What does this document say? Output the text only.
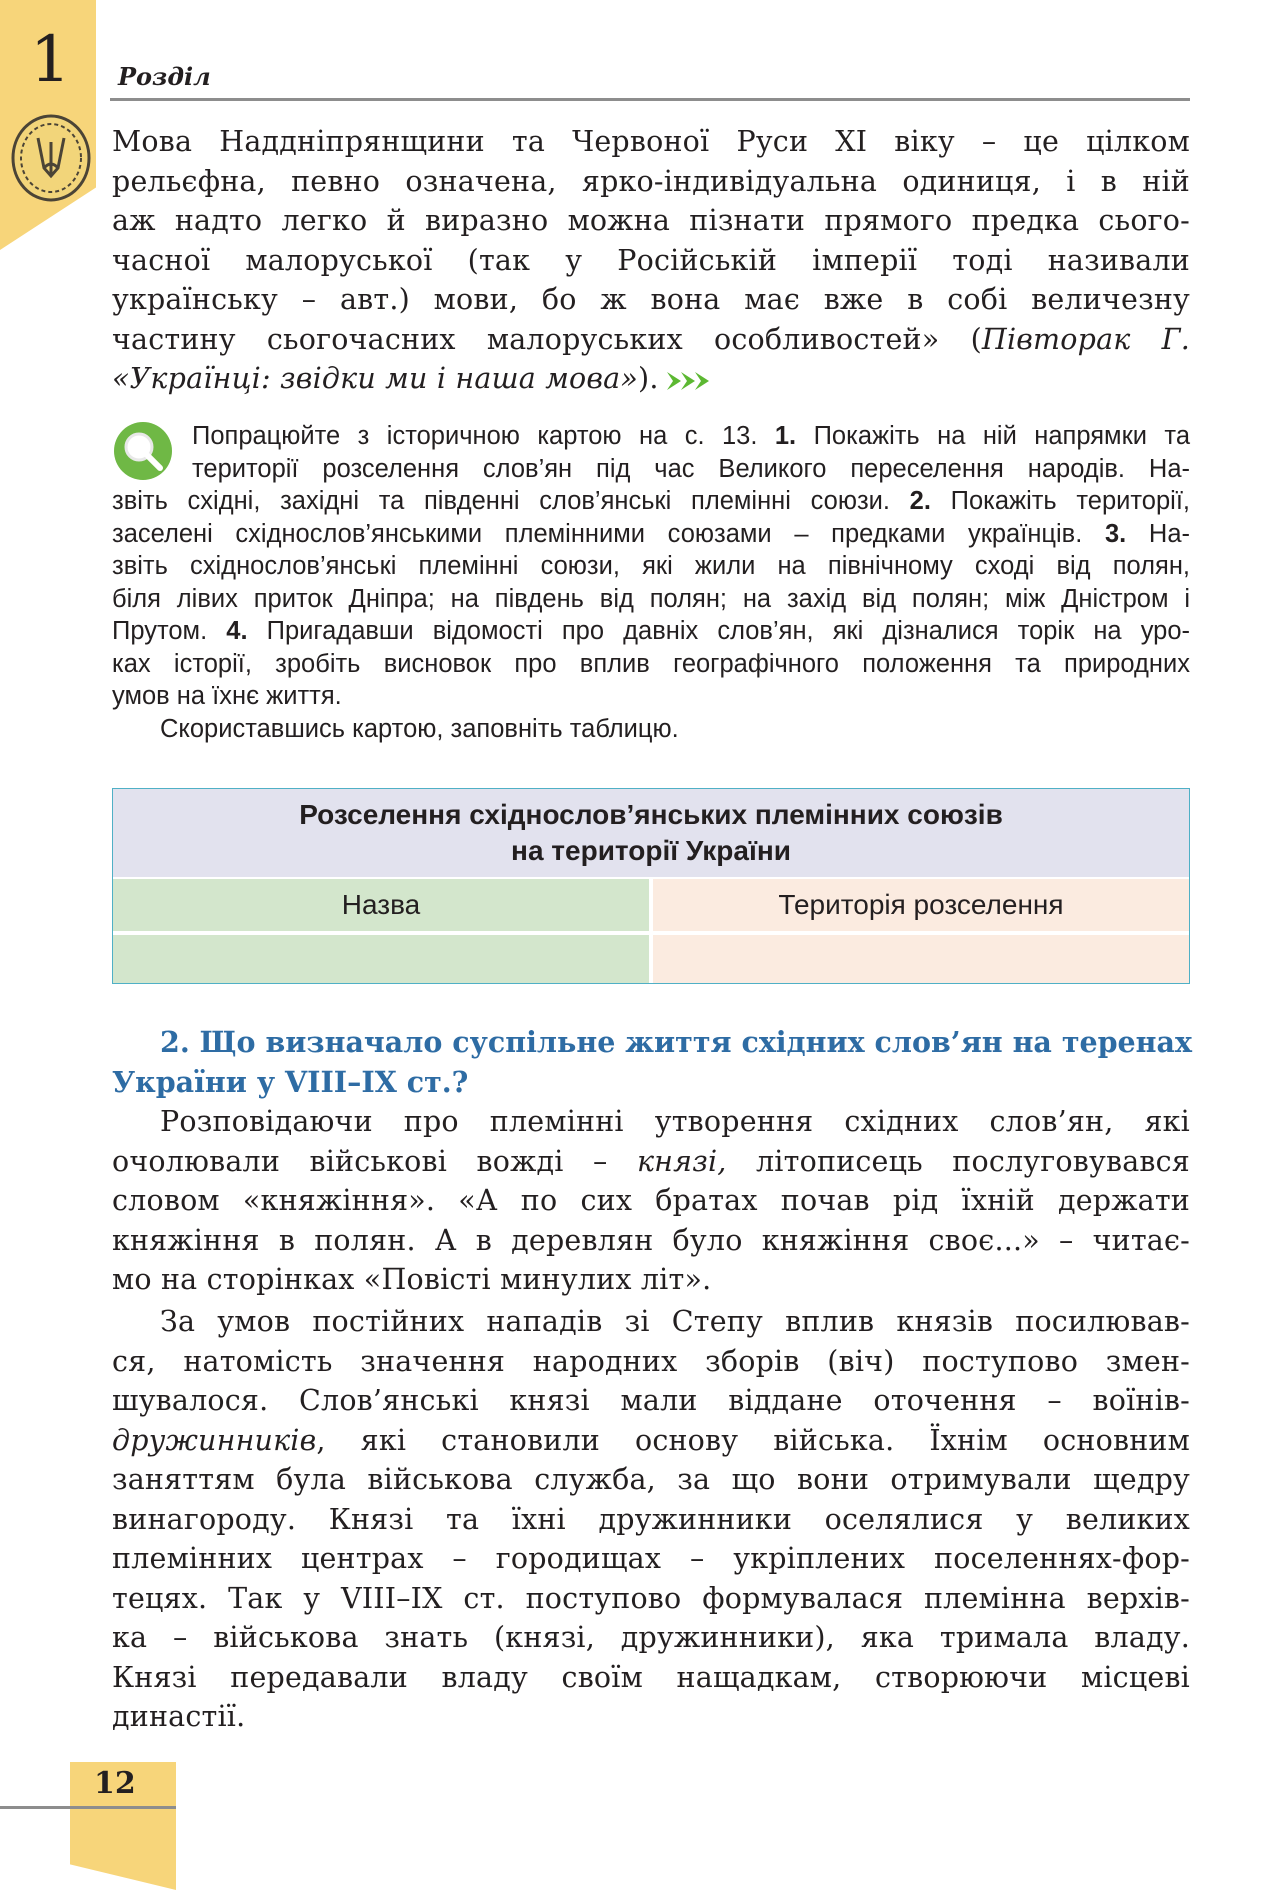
1 Розділ
Мова Наддніпрянщини та Червоної Руси XI віку – це цілком
рельєфна, певно означена, ярко-індивідуальна одиниця, і в ній
аж надто легко й виразно можна пізнати прямого предка сього-
часної малоруської (так у Російській імперії тоді називали
українську – авт.) мови, бо ж вона має вже в собі величезну
частину сьогочасних малоруських особливостей» (Півторак Г.
«Українці: звідки ми і наша мова»).
Попрацюйте з історичною картою на с. 13. 1. Покажіть на ній напрямки та
території розселення слов’ян під час Великого переселення народів. На-
звіть східні, західні та південні слов’янські племінні союзи. 2. Покажіть території,
заселені східнослов’янськими племінними союзами – предками українців. 3. На-
звіть східнослов’янські племінні союзи, які жили на північному сході від полян,
біля лівих приток Дніпра; на південь від полян; на захід від полян; між Дністром і
Прутом. 4. Пригадавши відомості про давніх слов’ян, які дізналися торік на уро-
ках історії, зробіть висновок про вплив географічного положення та природних
умов на їхнє життя.
Скориставшись картою, заповніть таблицю.
Розселення східнослов’янських племінних союзів
на території України
Назва	Територія розселення
2. Що визначало суспільне життя східних слов’ян на теренах
України у VIII–IX ст.?
Розповідаючи про племінні утворення східних слов’ян, які
очолювали військові вожді – князі, літописець послуговувався
словом «княжіння». «А по сих братах почав рід їхній держати
княжіння в полян. А в деревлян було княжіння своє...» – читає-
мо на сторінках «Повісті минулих літ».
За умов постійних нападів зі Степу вплив князів посилював-
ся, натомість значення народних зборів (віч) поступово змен-
шувалося. Слов’янські князі мали віддане оточення – воїнів-
дружинників, які становили основу війська. Їхнім основним
заняттям була військова служба, за що вони отримували щедру
винагороду. Князі та їхні дружинники оселялися у великих
племінних центрах – городищах – укріплених поселеннях-фор-
тецях. Так у VIII–IX ст. поступово формувалася племінна верхів-
ка – військова знать (князі, дружинники), яка тримала владу.
Князі передавали владу своїм нащадкам, створюючи місцеві
династії.
12
